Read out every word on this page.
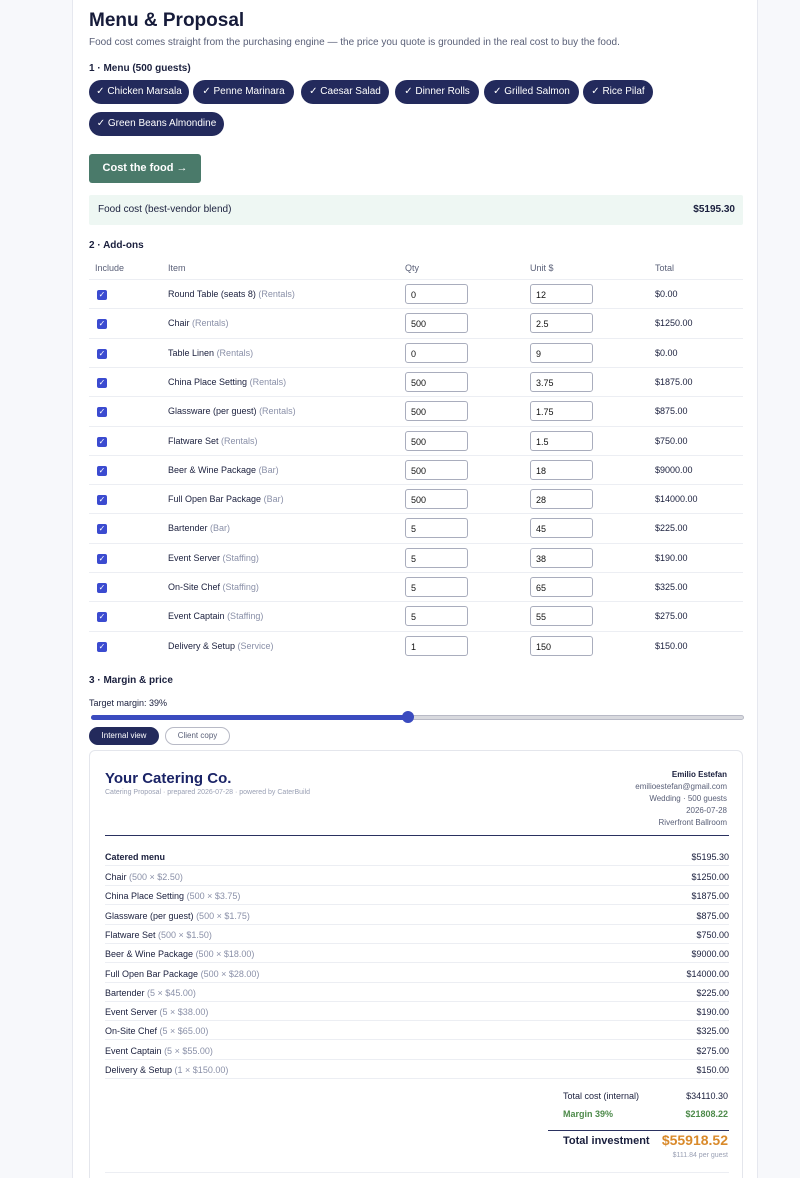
Menu & Proposal
Food cost comes straight from the purchasing engine — the price you quote is grounded in the real cost to buy the food.
1 · Menu (500 guests)
✓ Chicken Marsala	✓ Penne Marinara	✓ Caesar Salad	✓ Dinner Rolls	✓ Grilled Salmon	✓ Rice Pilaf
✓ Green Beans Almondine
Cost the food →
Food cost (best-vendor blend)	$5195.30
2 · Add-ons
Include	Item	Qty	Unit $	Total
✓	Round Table (seats 8) (Rentals)	0	12	$0.00
✓	Chair (Rentals)	500	2.5	$1250.00
✓	Table Linen (Rentals)	0	9	$0.00
✓	China Place Setting (Rentals)	500	3.75	$1875.00
✓	Glassware (per guest) (Rentals)	500	1.75	$875.00
✓	Flatware Set (Rentals)	500	1.5	$750.00
✓	Beer & Wine Package (Bar)	500	18	$9000.00
✓	Full Open Bar Package (Bar)	500	28	$14000.00
✓	Bartender (Bar)	5	45	$225.00
✓	Event Server (Staffing)	5	38	$190.00
✓	On-Site Chef (Staffing)	5	65	$325.00
✓	Event Captain (Staffing)	5	55	$275.00
✓	Delivery & Setup (Service)	1	150	$150.00
3 · Margin & price
Target margin: 39%
Internal view	Client copy
Your Catering Co.
Catering Proposal · prepared 2026-07-28 · powered by CaterBuild
Emilio Estefan
emilioestefan@gmail.com
Wedding · 500 guests
2026-07-28
Riverfront Ballroom
Catered menu	$5195.30
Chair (500 × $2.50)	$1250.00
China Place Setting (500 × $3.75)	$1875.00
Glassware (per guest) (500 × $1.75)	$875.00
Flatware Set (500 × $1.50)	$750.00
Beer & Wine Package (500 × $18.00)	$9000.00
Full Open Bar Package (500 × $28.00)	$14000.00
Bartender (5 × $45.00)	$225.00
Event Server (5 × $38.00)	$190.00
On-Site Chef (5 × $65.00)	$325.00
Event Captain (5 × $55.00)	$275.00
Delivery & Setup (1 × $150.00)	$150.00
Total cost (internal)	$34110.30
Margin 39%	$21808.22
Total investment $55918.52
$111.84 per guest
